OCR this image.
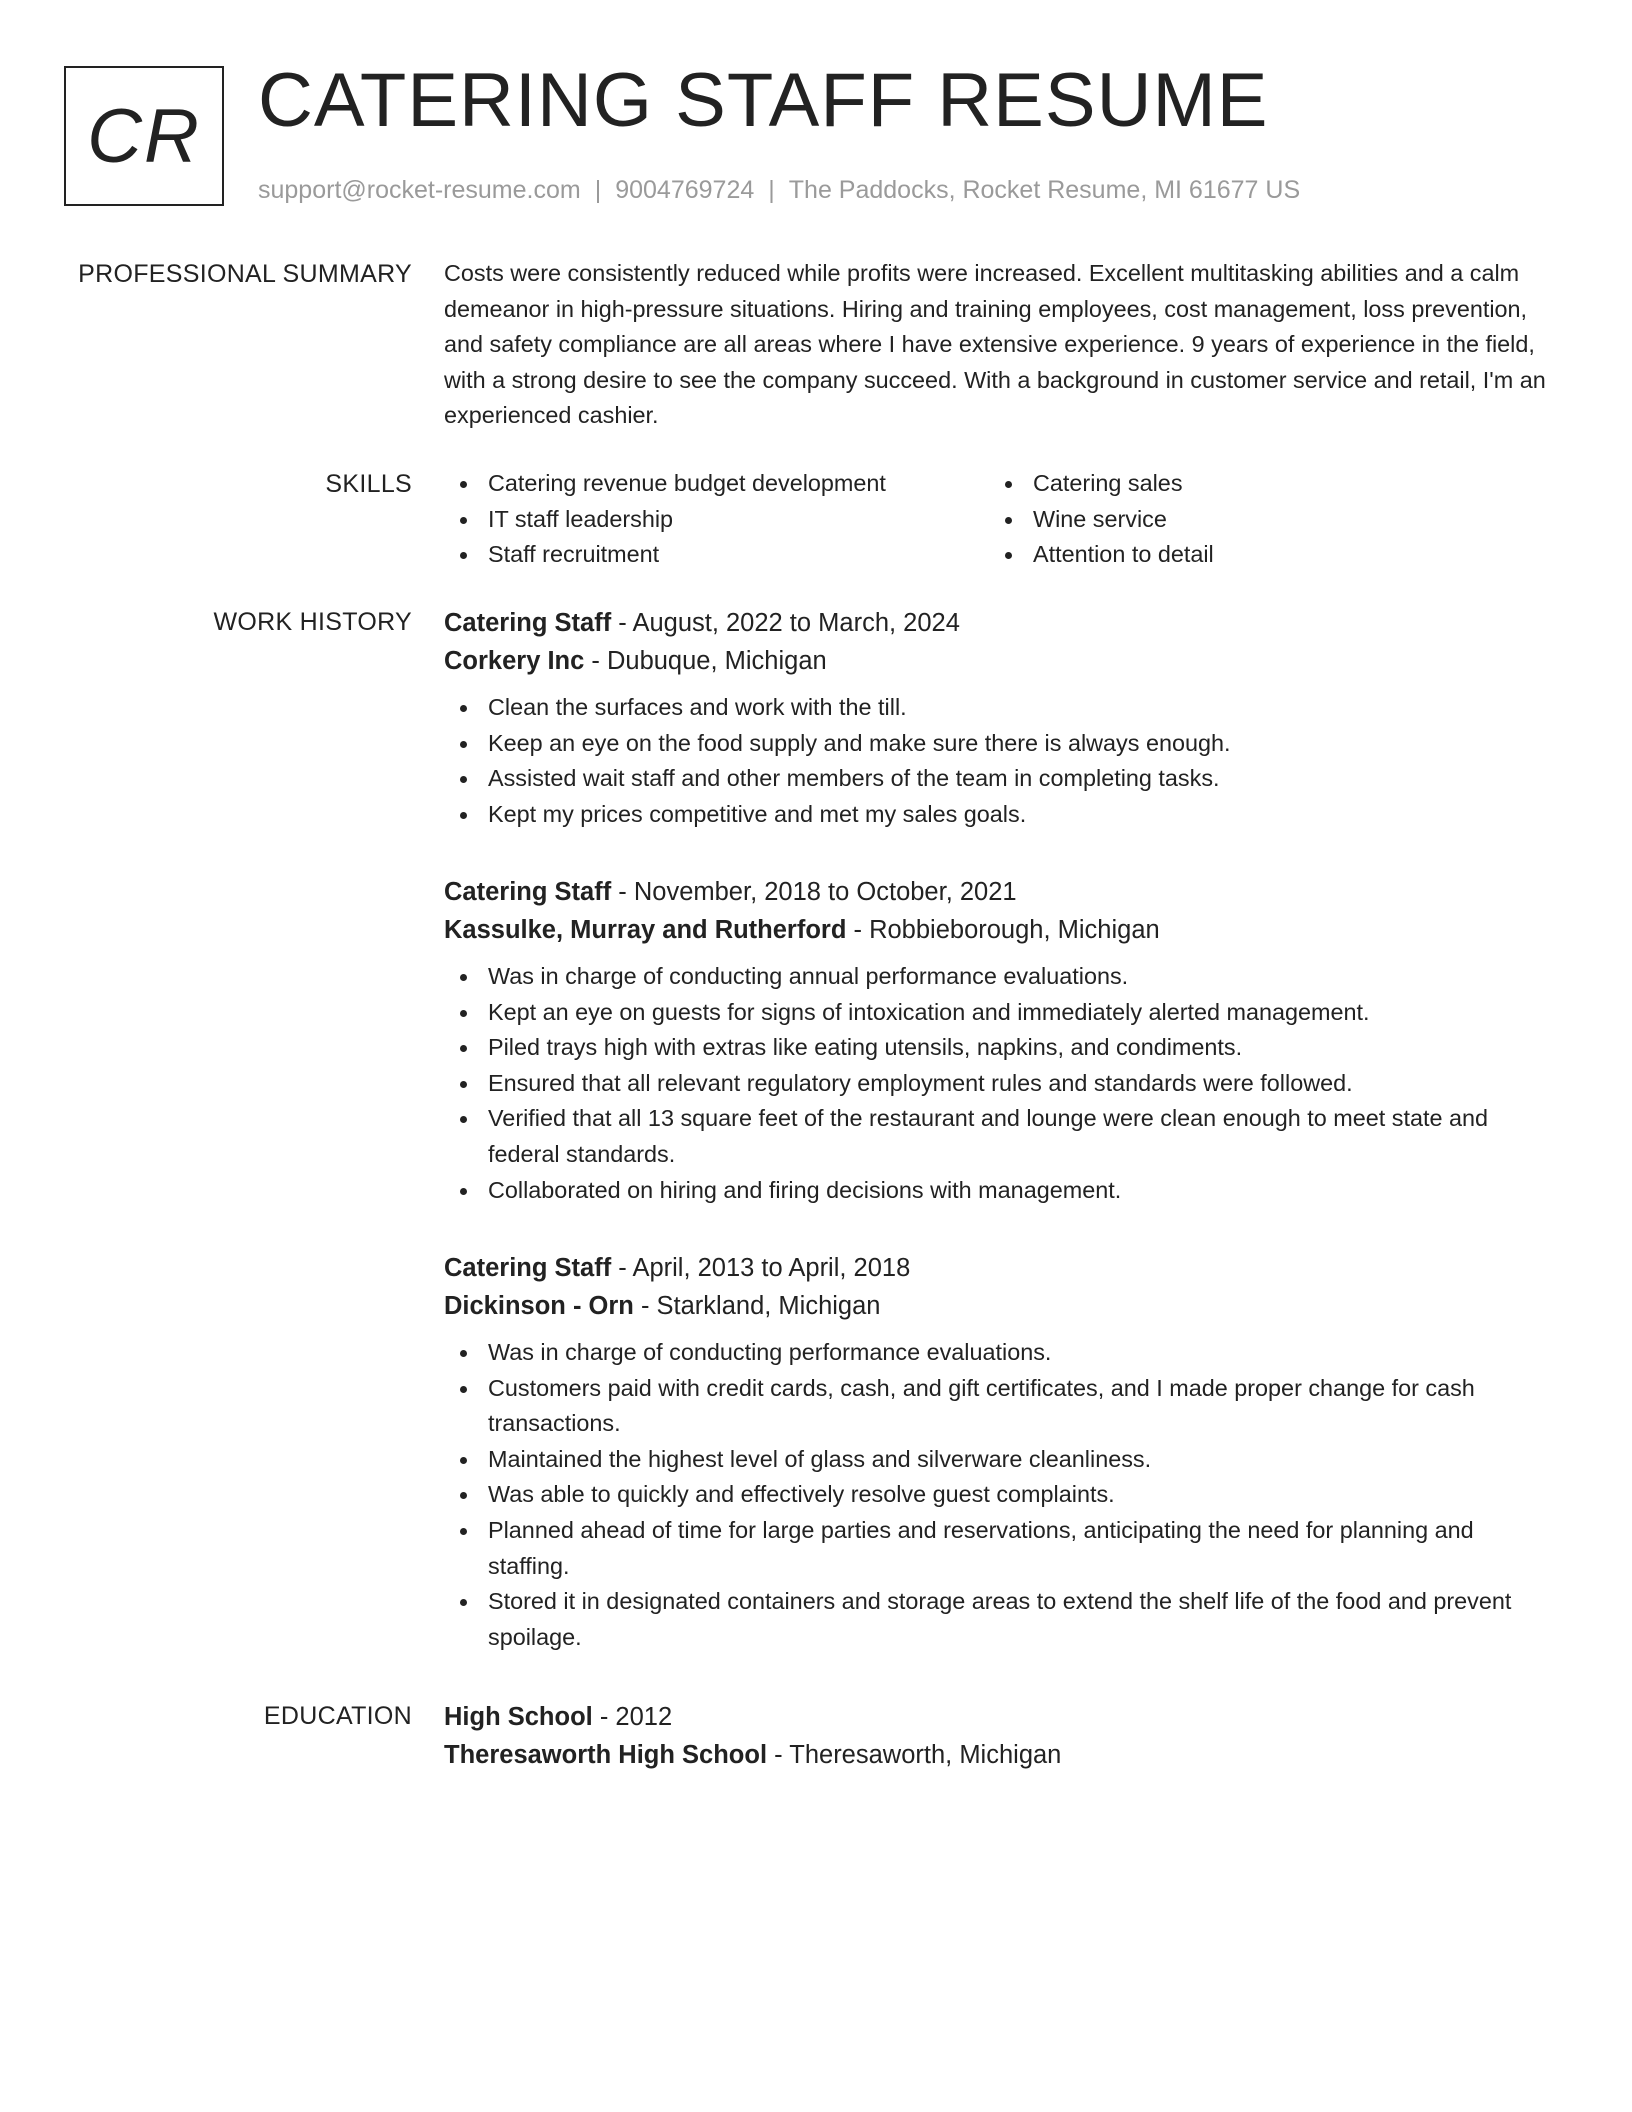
CR CATERING STAFF RESUME
support@rocket-resume.com | 9004769724 | The Paddocks, Rocket Resume, MI 61677 US
PROFESSIONAL SUMMARY Costs were consistently reduced while profits were increased. Excellent multitasking abilities and a calm demeanor in high-pressure situations. Hiring and training employees, cost management, loss prevention, and safety compliance are all areas where I have extensive experience. 9 years of experience in the field, with a strong desire to see the company succeed. With a background in customer service and retail, I'm an experienced cashier.

SKILLS	Catering revenue budget development
IT staff leadership
Staff recruitment
Catering sales
Wine service
Attention to detail
WORK HISTORY Catering Staff - August, 2022 to March, 2024
Corkery Inc - Dubuque, Michigan
Clean the surfaces and work with the till.
Keep an eye on the food supply and make sure there is always enough.
Assisted wait staff and other members of the team in completing tasks.
Kept my prices competitive and met my sales goals.
Catering Staff - November, 2018 to October, 2021
Kassulke, Murray and Rutherford - Robbieborough, Michigan
Was in charge of conducting annual performance evaluations.
Kept an eye on guests for signs of intoxication and immediately alerted management.
Piled trays high with extras like eating utensils, napkins, and condiments.
Ensured that all relevant regulatory employment rules and standards were followed.
Verified that all 13 square feet of the restaurant and lounge were clean enough to meet state and federal standards.
Collaborated on hiring and firing decisions with management.
Catering Staff - April, 2013 to April, 2018
Dickinson - Orn - Starkland, Michigan
Was in charge of conducting performance evaluations.
Customers paid with credit cards, cash, and gift certificates, and I made proper change for cash transactions.
Maintained the highest level of glass and silverware cleanliness.
Was able to quickly and effectively resolve guest complaints.
Planned ahead of time for large parties and reservations, anticipating the need for planning and staffing.
Stored it in designated containers and storage areas to extend the shelf life of the food and prevent spoilage.
EDUCATION High School - 2012
Theresaworth High School - Theresaworth, Michigan
